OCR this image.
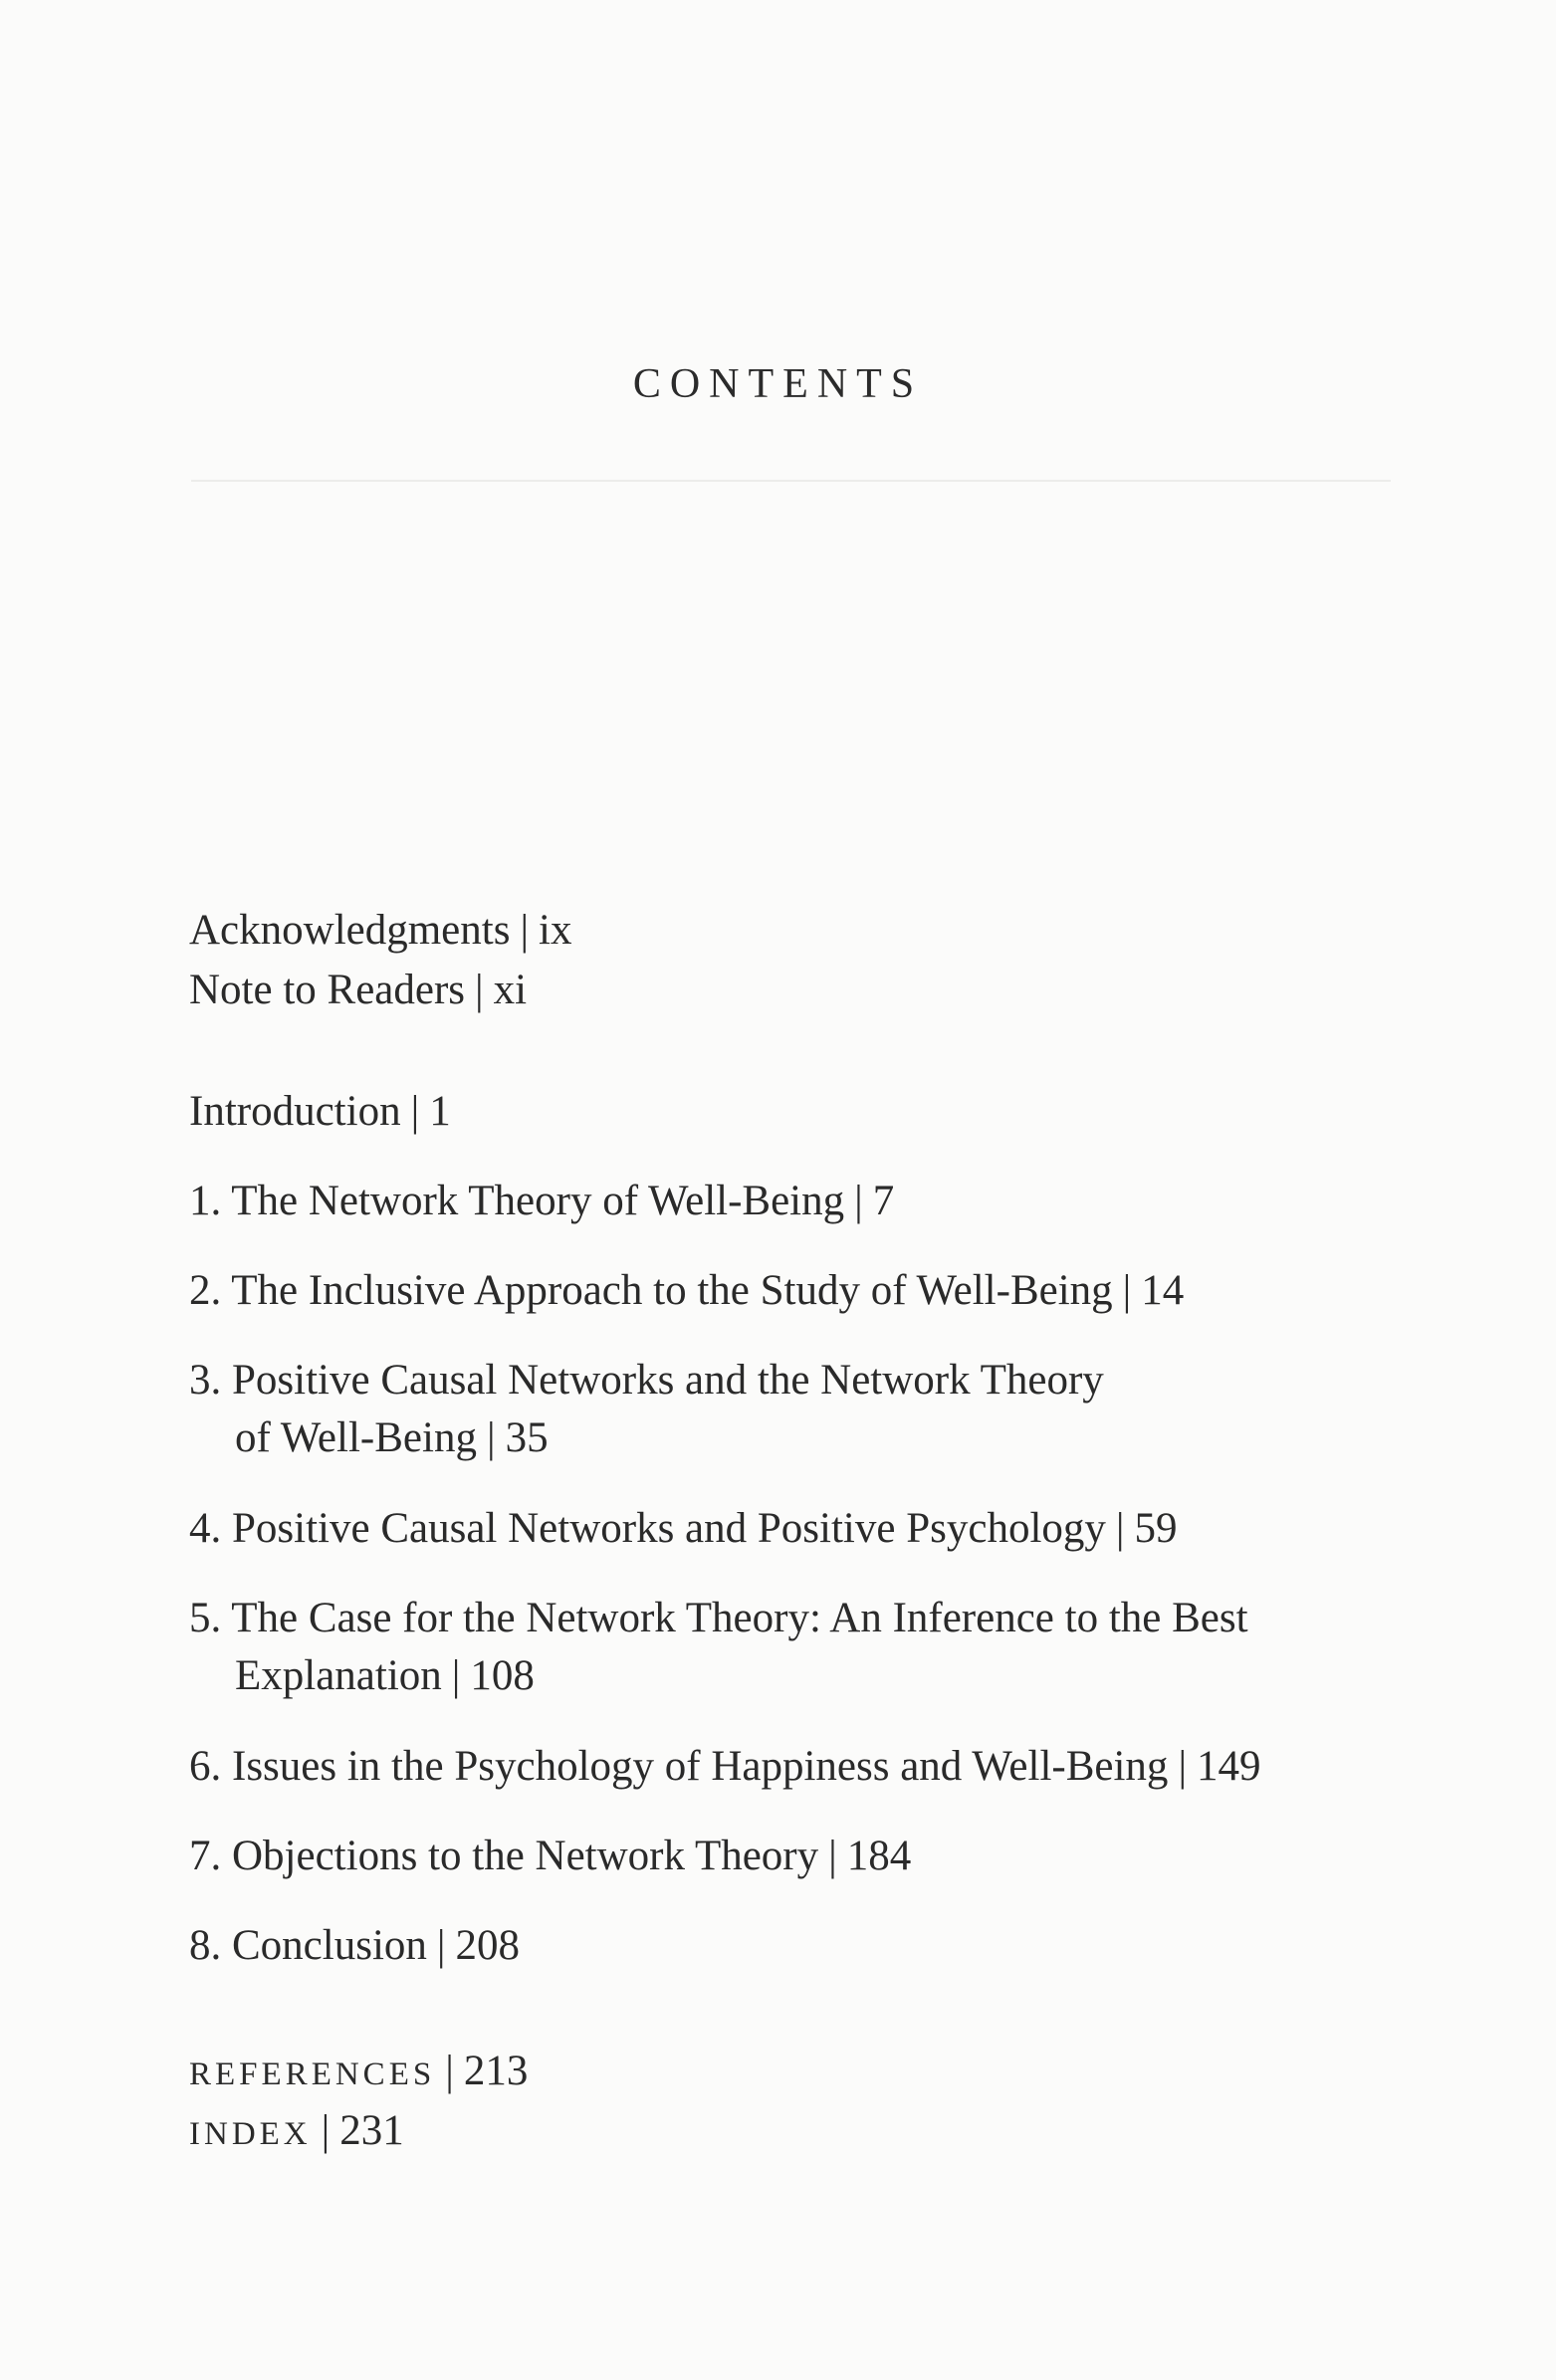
CONTENTS
Acknowledgments | ix
Note to Readers | xi
Introduction | 1
1. The Network Theory of Well-Being | 7
2. The Inclusive Approach to the Study of Well-Being | 14
3. Positive Causal Networks and the Network Theory
of Well-Being | 35
4. Positive Causal Networks and Positive Psychology | 59
5. The Case for the Network Theory: An Inference to the Best
Explanation | 108
6. Issues in the Psychology of Happiness and Well-Being | 149
7. Objections to the Network Theory | 184
8. Conclusion | 208
REFERENCES | 213
INDEX | 231
